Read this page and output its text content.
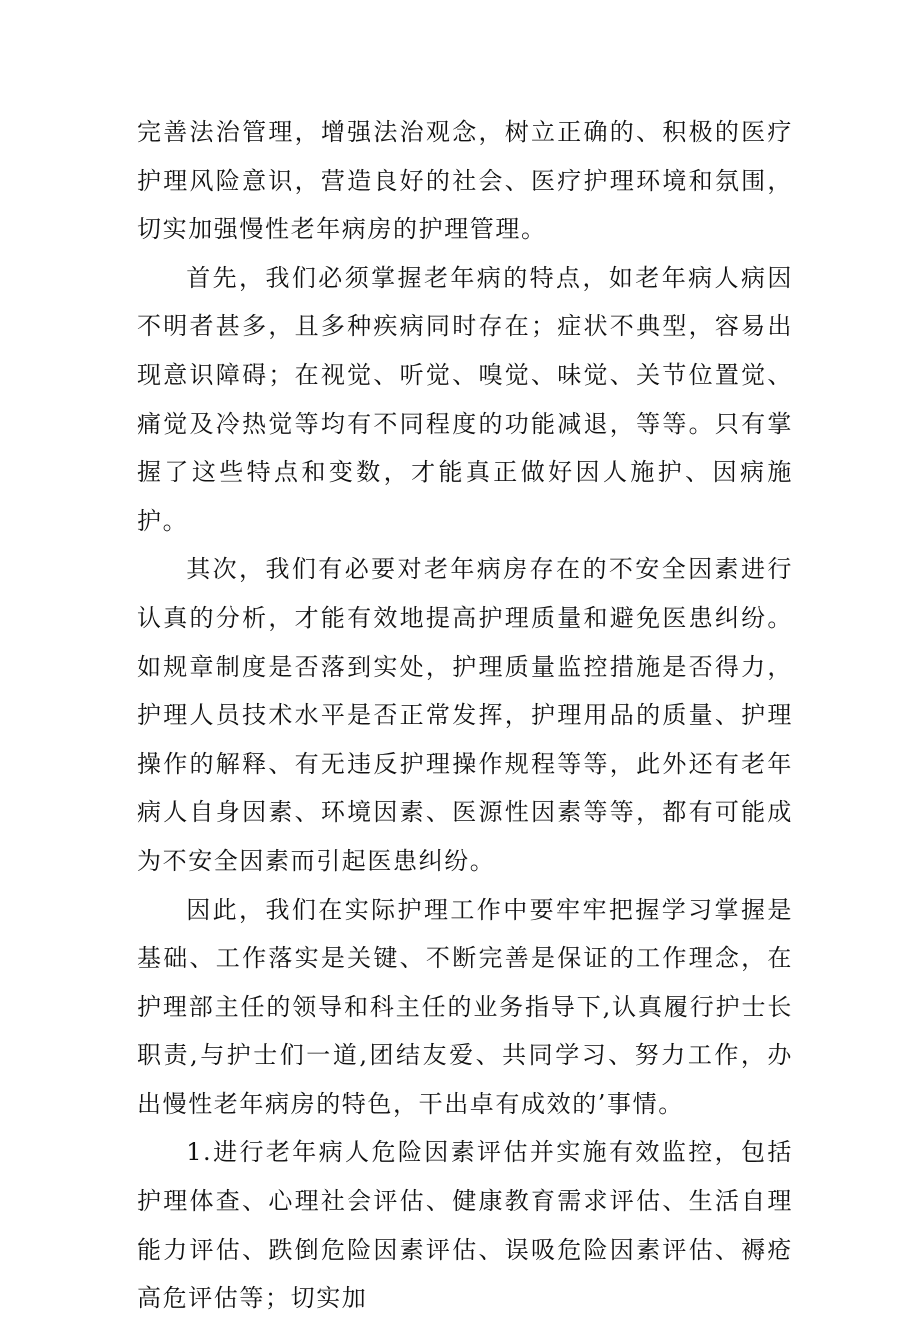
完善法治管理，增强法治观念，树立正确的、积极的医疗护理风险意识，营造良好的社会、医疗护理环境和氛围，切实加强慢性老年病房的护理管理。

首先，我们必须掌握老年病的特点，如老年病人病因不明者甚多，且多种疾病同时存在；症状不典型，容易出现意识障碍；在视觉、听觉、嗅觉、味觉、关节位置觉、痛觉及冷热觉等均有不同程度的功能减退，等等。只有掌握了这些特点和变数，才能真正做好因人施护、因病施护。

其次，我们有必要对老年病房存在的不安全因素进行认真的分析，才能有效地提高护理质量和避免医患纠纷。如规章制度是否落到实处，护理质量监控措施是否得力，护理人员技术水平是否正常发挥，护理用品的质量、护理操作的解释、有无违反护理操作规程等等，此外还有老年病人自身因素、环境因素、医源性因素等等，都有可能成为不安全因素而引起医患纠纷。

因此，我们在实际护理工作中要牢牢把握学习掌握是基础、工作落实是关键、不断完善是保证的工作理念，在护理部主任的领导和科主任的业务指导下,认真履行护士长职责,与护士们一道,团结友爱、共同学习、努力工作，办出慢性老年病房的特色，干出卓有成效的’事情。

1.进行老年病人危险因素评估并实施有效监控，包括护理体查、心理社会评估、健康教育需求评估、生活自理能力评估、跌倒危险因素评估、误吸危险因素评估、褥疮高危评估等；切实加
